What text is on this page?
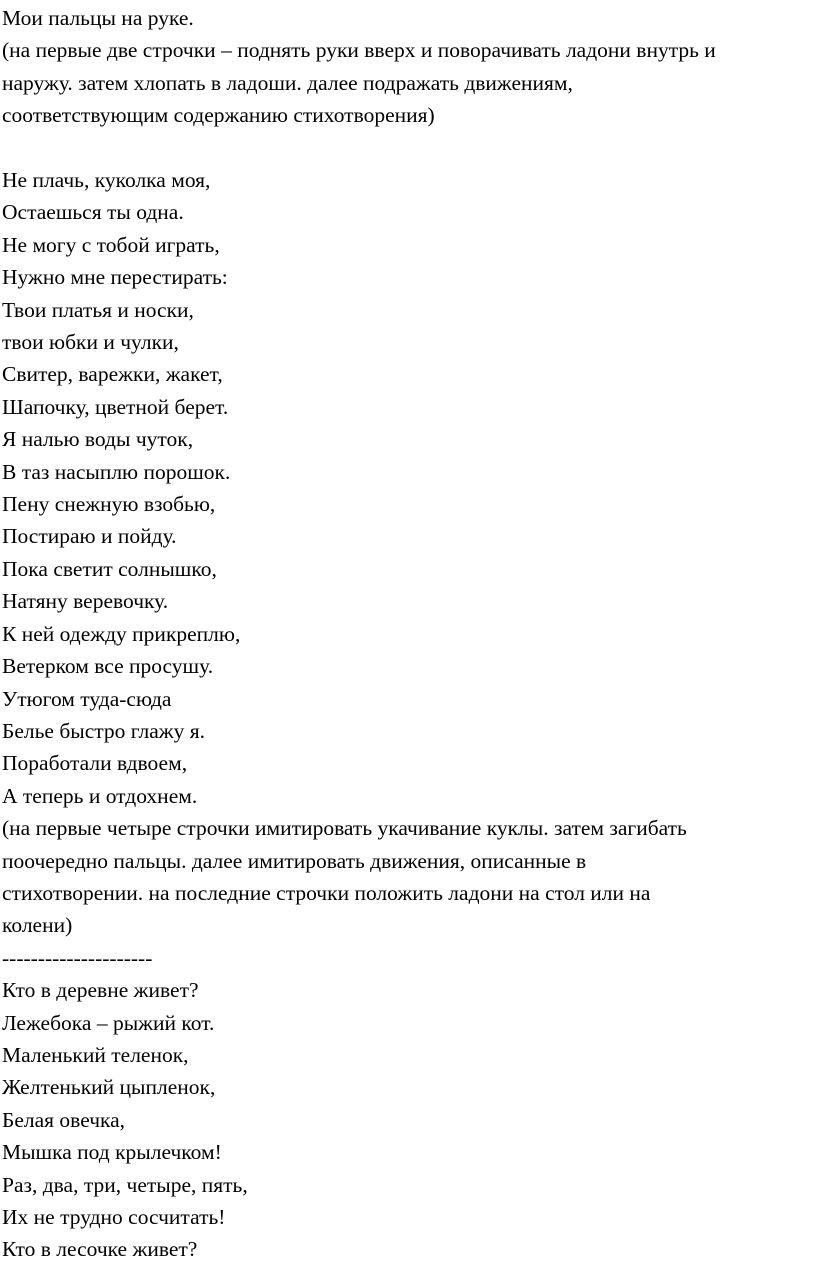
Мои пальцы на руке.
(на первые две строчки – поднять руки вверх и поворачивать ладони внутрь и
наружу. затем хлопать в ладоши. далее подражать движениям,
соответствующим содержанию стихотворения)
Не плачь, куколка моя,
Остаешься ты одна.
Не могу с тобой играть,
Нужно мне перестирать:
Твои платья и носки,
твои юбки и чулки,
Свитер, варежки, жакет,
Шапочку, цветной берет.
Я налью воды чуток,
В таз насыплю порошок.
Пену снежную взобью,
Постираю и пойду.
Пока светит солнышко,
Натяну веревочку.
К ней одежду прикреплю,
Ветерком все просушу.
Утюгом туда-сюда
Белье быстро глажу я.
Поработали вдвоем,
А теперь и отдохнем.
(на первые четыре строчки имитировать укачивание куклы. затем загибать
поочередно пальцы. далее имитировать движения, описанные в
стихотворении. на последние строчки положить ладони на стол или на
колени)
---------------------
Кто в деревне живет?
Лежебока – рыжий кот.
Маленький теленок,
Желтенький цыпленок,
Белая овечка,
Мышка под крылечком!
Раз, два, три, четыре, пять,
Их не трудно сосчитать!
Кто в лесочке живет?
